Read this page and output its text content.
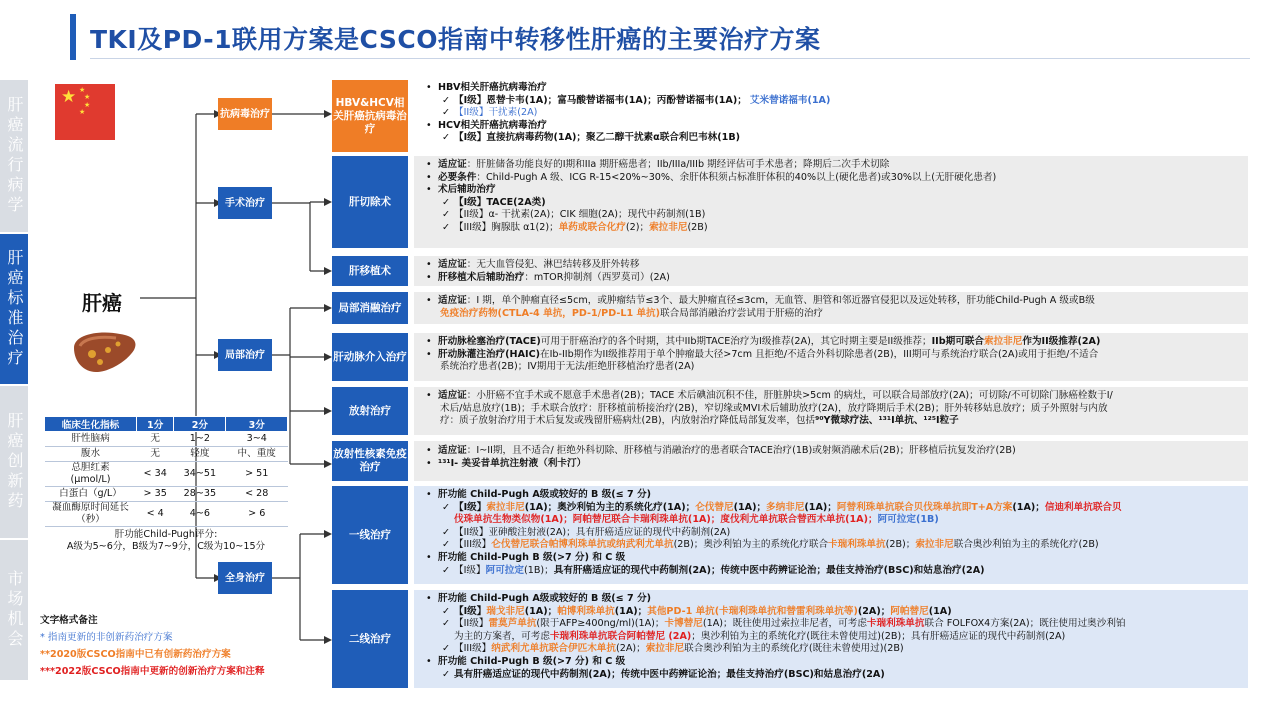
TKI及PD-1联用方案是CSCO指南中转移性肝癌的主要治疗方案
肝癌流行病学
肝癌标准治疗
肝癌创新药
市场机会
★ ★
★
★
★
肝癌
抗病毒治疗
手术治疗
局部治疗
全身治疗
HBV&HCV相关肝癌抗病毒治疗
肝切除术
肝移植术
局部消融治疗
肝动脉介入治疗
放射治疗
放射性核素免疫治疗
一线治疗
二线治疗
• HBV相关肝癌抗病毒治疗
✓ 【I级】恩替卡韦(1A)；富马酸替诺福韦(1A)；丙酚替诺福韦(1A)； 艾米替诺福韦(1A)
✓ 【II级】干扰素(2A)
• HCV相关肝癌抗病毒治疗
✓ 【I级】直接抗病毒药物(1A)；聚乙二醇干扰素α联合利巴韦林(1B)
• 适应证：肝脏储备功能良好的I期和IIa 期肝癌患者；IIb/IIIa/IIIb 期经评估可手术患者；降期后二次手术切除
• 必要条件：Child-Pugh A 级、ICG R-15<20%~30%、余肝体积须占标准肝体积的40%以上(硬化患者)或30%以上(无肝硬化患者)
• 术后辅助治疗
✓ 【I级】TACE(2A类)
✓ 【II级】α- 干扰素(2A)；CIK 细胞(2A)；现代中药制剂(1B)
✓ 【III级】胸腺肽 α1(2)；单药或联合化疗(2)；索拉非尼(2B)
• 适应证：无大血管侵犯、淋巴结转移及肝外转移
• 肝移植术后辅助治疗：mTOR抑制剂（西罗莫司）(2A)
• 适应证：I 期，单个肿瘤直径≤5cm，或肿瘤结节≤3个、最大肿瘤直径≤3cm，无血管、胆管和邻近器官侵犯以及远处转移，肝功能Child-Pugh A 级或B级
免疫治疗药物(CTLA-4 单抗，PD-1/PD-L1 单抗)联合局部消融治疗尝试用于肝癌的治疗
• 肝动脉栓塞治疗(TACE)可用于肝癌治疗的各个时期，其中IIb期TACE治疗为I级推荐(2A)，其它时期主要是II级推荐；IIb期可联合索拉非尼作为II级推荐(2A)
• 肝动脉灌注治疗(HAIC)在Ib-IIb期作为II级推荐用于单个肿瘤最大径>7cm 且拒绝/不适合外科切除患者(2B)，III期可与系统治疗联合(2A)或用于拒绝/不适合
系统治疗患者(2B)；IV期用于无法/拒绝肝移植治疗患者(2A)
• 适应证：小肝癌不宜手术或不愿意手术患者(2B)；TACE 术后碘油沉积不佳，肝脏肿块>5cm 的病灶，可以联合局部放疗(2A)；可切除/不可切除门脉癌栓数于I/
术后/姑息放疗(1B)；手术联合放疗：肝移植前桥接治疗(2B)，窄切缘或MVI术后辅助放疗(2A)，放疗降期后手术(2B)；肝外转移姑息放疗；质子外照射与内放
疗：质子放射治疗用于术后复发或残留肝癌病灶(2B)，内放射治疗降低局部复发率，包括⁹⁰Y微球疗法、¹³¹I单抗、¹²⁵I粒子
• 适应证：I~II期，且不适合/ 拒绝外科切除、肝移植与消融治疗的患者联合TACE治疗(1B)或射频消融术后(2B)；肝移植后抗复发治疗(2B)
• ¹³¹I- 美妥昔单抗注射液（利卡汀）
• 肝功能 Child-Pugh A级或较好的 B 级(≤ 7 分)
✓ 【I级】索拉非尼(1A)；奥沙利铂为主的系统化疗(1A)；仑伐替尼(1A)；多纳非尼(1A)；阿替利珠单抗联合贝伐珠单抗即T+A方案(1A)；信迪利单抗联合贝
伐珠单抗生物类似物(1A)；阿帕替尼联合卡瑞利珠单抗(1A)；度伐利尤单抗联合替西木单抗(1A)；阿可拉定(1B)
✓ 【II级】亚砷酸注射液(2A)；具有肝癌适应证的现代中药制剂(2A)
✓ 【III级】仑伐替尼联合帕博利珠单抗或纳武利尤单抗(2B)；奥沙利铂为主的系统化疗联合卡瑞利珠单抗(2B)；索拉非尼联合奥沙利铂为主的系统化疗(2B)
• 肝功能 Child-Pugh B 级(>7 分) 和 C 级
✓ 【I级】阿可拉定(1B)；具有肝癌适应证的现代中药制剂(2A)；传统中医中药辨证论治；最佳支持治疗(BSC)和姑息治疗(2A)
• 肝功能 Child-Pugh A级或较好的 B 级(≤ 7 分)
✓ 【I级】瑞戈非尼(1A)；帕博利珠单抗(1A)；其他PD-1 单抗(卡瑞利珠单抗和替雷利珠单抗等)(2A)；阿帕替尼(1A)
✓ 【II级】雷莫芦单抗(限于AFP≥400ng/ml)(1A)；卡博替尼(1A)；既往使用过索拉非尼者，可考虑卡瑞利珠单抗联合 FOLFOX4方案(2A)；既往使用过奥沙利铂
为主的方案者，可考虑卡瑞利珠单抗联合阿帕替尼 (2A)；奥沙利铂为主的系统化疗(既往未曾使用过)(2B)；具有肝癌适应证的现代中药制剂(2A)
✓ 【III级】纳武利尤单抗联合伊匹木单抗(2A)；索拉非尼联合奥沙利铂为主的系统化疗(既往未曾使用过)(2B)
• 肝功能 Child-Pugh B 级(>7 分) 和 C 级
✓ 具有肝癌适应证的现代中药制剂(2A)；传统中医中药辨证论治；最佳支持治疗(BSC)和姑息治疗(2A)
临床生化指标	1分	2分	3分
肝性脑病	无	1~2	3~4
腹水	无	轻度	中、重度
总胆红素(μmol/L)	< 34	34~51	> 51
白蛋白（g/L）	> 35	28~35	< 28
凝血酶原时间延长（秒）	< 4	4~6	> 6

肝功能Child-Pugh评分:
A级为5~6分，B级为7~9分，C级为10~15分			
文字格式备注
* 指南更新的非创新药治疗方案
**2020版CSCO指南中已有创新药治疗方案
***2022版CSCO指南中更新的创新治疗方案和注释
